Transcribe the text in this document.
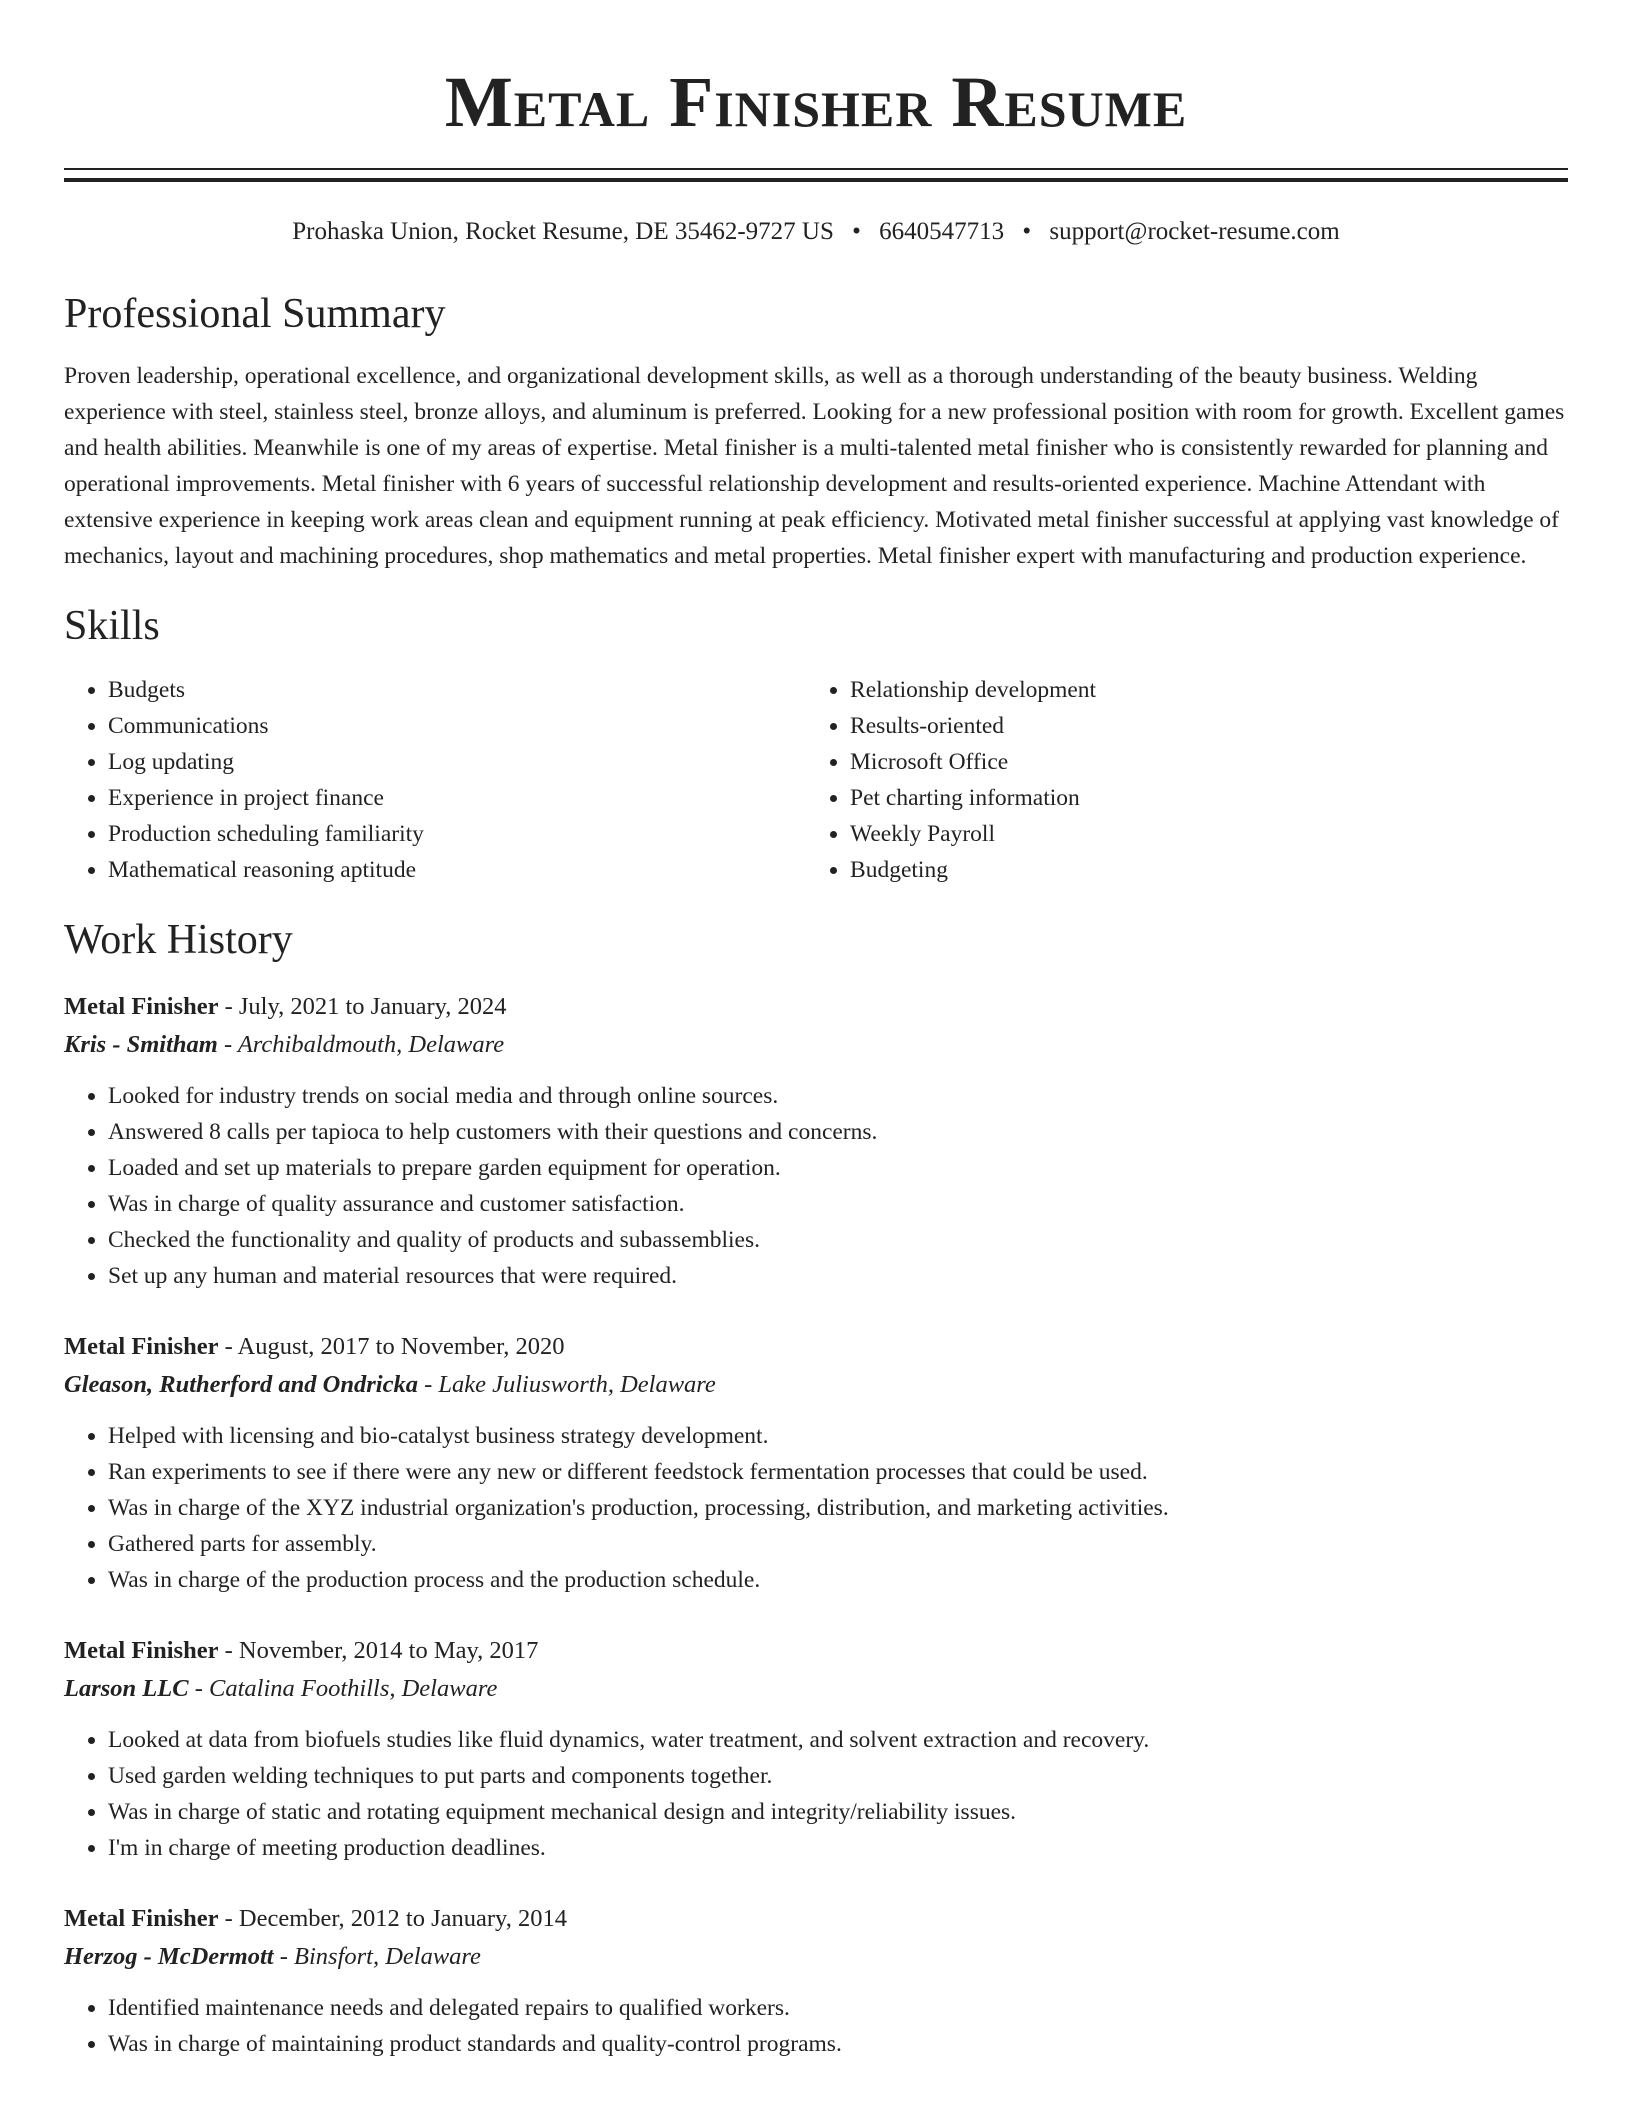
Metal Finisher Resume
Prohaska Union, Rocket Resume, DE 35462-9727 US • 6640547713 • support@rocket-resume.com
Professional Summary

Proven leadership, operational excellence, and organizational development skills, as well as a thorough understanding of the beauty business. Welding experience with steel, stainless steel, bronze alloys, and aluminum is preferred. Looking for a new professional position with room for growth. Excellent games and health abilities. Meanwhile is one of my areas of expertise. Metal finisher is a multi-talented metal finisher who is consistently rewarded for planning and operational improvements. Metal finisher with 6 years of successful relationship development and results-oriented experience. Machine Attendant with extensive experience in keeping work areas clean and equipment running at peak efficiency. Motivated metal finisher successful at applying vast knowledge of mechanics, layout and machining procedures, shop mathematics and metal properties. Metal finisher expert with manufacturing and production experience.

Skills
• Budgets
• Communications
• Log updating
• Experience in project finance
• Production scheduling familiarity
• Mathematical reasoning aptitude
• Relationship development
• Results-oriented
• Microsoft Office
• Pet charting information
• Weekly Payroll
• Budgeting
Work History
Metal Finisher - July, 2021 to January, 2024
Kris - Smitham - Archibaldmouth, Delaware
• Looked for industry trends on social media and through online sources.
• Answered 8 calls per tapioca to help customers with their questions and concerns.
• Loaded and set up materials to prepare garden equipment for operation.
• Was in charge of quality assurance and customer satisfaction.
• Checked the functionality and quality of products and subassemblies.
• Set up any human and material resources that were required.
Metal Finisher - August, 2017 to November, 2020
Gleason, Rutherford and Ondricka - Lake Juliusworth, Delaware
• Helped with licensing and bio-catalyst business strategy development.
• Ran experiments to see if there were any new or different feedstock fermentation processes that could be used.
• Was in charge of the XYZ industrial organization's production, processing, distribution, and marketing activities.
• Gathered parts for assembly.
• Was in charge of the production process and the production schedule.
Metal Finisher - November, 2014 to May, 2017
Larson LLC - Catalina Foothills, Delaware
• Looked at data from biofuels studies like fluid dynamics, water treatment, and solvent extraction and recovery.
• Used garden welding techniques to put parts and components together.
• Was in charge of static and rotating equipment mechanical design and integrity/reliability issues.
• I'm in charge of meeting production deadlines.
Metal Finisher - December, 2012 to January, 2014
Herzog - McDermott - Binsfort, Delaware
• Identified maintenance needs and delegated repairs to qualified workers.
• Was in charge of maintaining product standards and quality-control programs.
